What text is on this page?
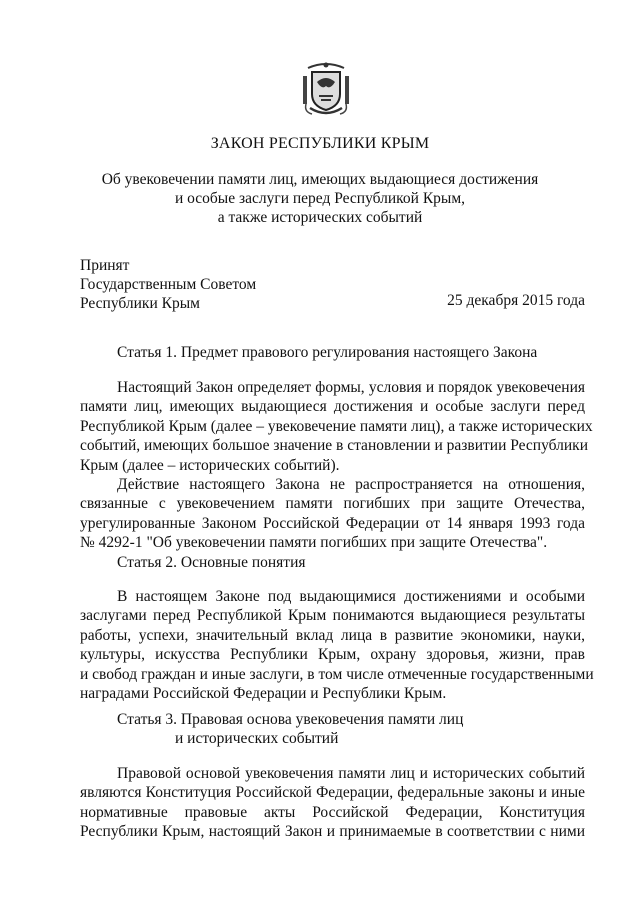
ЗАКОН РЕСПУБЛИКИ КРЫМ
Об увековечении памяти лиц, имеющих выдающиеся достижения
и особые заслуги перед Республикой Крым,
а также исторических событий
Принят
Государственным Советом
Республики Крым	25 декабря 2015 года
Статья 1. Предмет правового регулирования настоящего Закона
Настоящий Закон определяет формы, условия и порядок увековечения
памяти лиц, имеющих выдающиеся достижения и особые заслуги перед
Республикой Крым (далее – увековечение памяти лиц), а также исторических
событий, имеющих большое значение в становлении и развитии Республики
Крым (далее – исторических событий).
Действие настоящего Закона не распространяется на отношения,
связанные с увековечением памяти погибших при защите Отечества,
урегулированные Законом Российской Федерации от 14 января 1993 года
№ 4292-1 "Об увековечении памяти погибших при защите Отечества".
Статья 2. Основные понятия
В настоящем Законе под выдающимися достижениями и особыми
заслугами перед Республикой Крым понимаются выдающиеся результаты
работы, успехи, значительный вклад лица в развитие экономики, науки,
культуры, искусства Республики Крым, охрану здоровья, жизни, прав
и свобод граждан и иные заслуги, в том числе отмеченные государственными
наградами Российской Федерации и Республики Крым.
Статья 3. Правовая основа увековечения памяти лиц
и исторических событий
Правовой основой увековечения памяти лиц и исторических событий
являются Конституция Российской Федерации, федеральные законы и иные
нормативные правовые акты Российской Федерации, Конституция
Республики Крым, настоящий Закон и принимаемые в соответствии с ними
